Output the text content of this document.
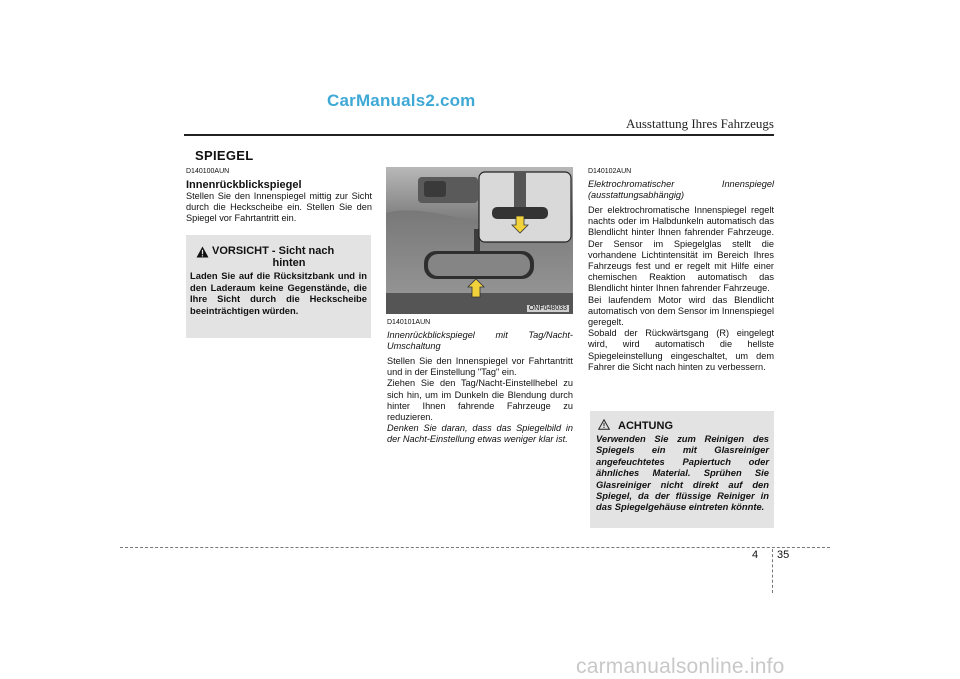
CarManuals2.com
Ausstattung Ihres Fahrzeugs
SPIEGEL

D140100AUN

Innenrückblickspiegel

Stellen Sie den Innenspiegel mittig zur Sicht durch die Heckscheibe ein. Stellen Sie den Spiegel vor Fahrtantritt ein.

VORSICHT - Sicht nach
hinten
Laden Sie auf die Rücksitzbank und in den Laderaum keine Gegenstände, die Ihre Sicht durch die Heckscheibe beeinträchtigen würden.	ONF048033

D140101AUN

Innenrückblickspiegel mit Tag/Nacht-Umschaltung

Stellen Sie den Innenspiegel vor Fahrtantritt und in der Einstellung "Tag" ein.

Ziehen Sie den Tag/Nacht-Einstellhebel zu sich hin, um im Dunkeln die Blendung durch hinter Ihnen fahrende Fahrzeuge zu reduzieren.

Denken Sie daran, dass das Spiegelbild in der Nacht-Einstellung etwas weniger klar ist.

D140102AUN

Elektrochromatischer Innenspiegel (ausstattungsabhängig)

Der elektrochromatische Innenspiegel regelt nachts oder im Halbdunkeln automatisch das Blendlicht hinter Ihnen fahrender Fahrzeuge. Der Sensor im Spiegelglas stellt die vorhandene Lichtintensität im Bereich Ihres Fahrzeugs fest und er regelt mit Hilfe einer chemischen Reaktion automatisch das Blendlicht hinter Ihnen fahrender Fahrzeuge.

Bei laufendem Motor wird das Blendlicht automatisch von dem Sensor im Innenspiegel geregelt.

Sobald der Rückwärtsgang (R) eingelegt wird, wird automatisch die hellste Spiegeleinstellung eingeschaltet, um dem Fahrer die Sicht nach hinten zu verbessern.

ACHTUNG
Verwenden Sie zum Reinigen des Spiegels ein mit Glasreiniger angefeuchtetes Papiertuch oder ähnliches Material. Sprühen Sie Glasreiniger nicht direkt auf den Spiegel, da der flüssige Reiniger in das Spiegelgehäuse eintreten könnte.
4 35
carmanualsonline.info
